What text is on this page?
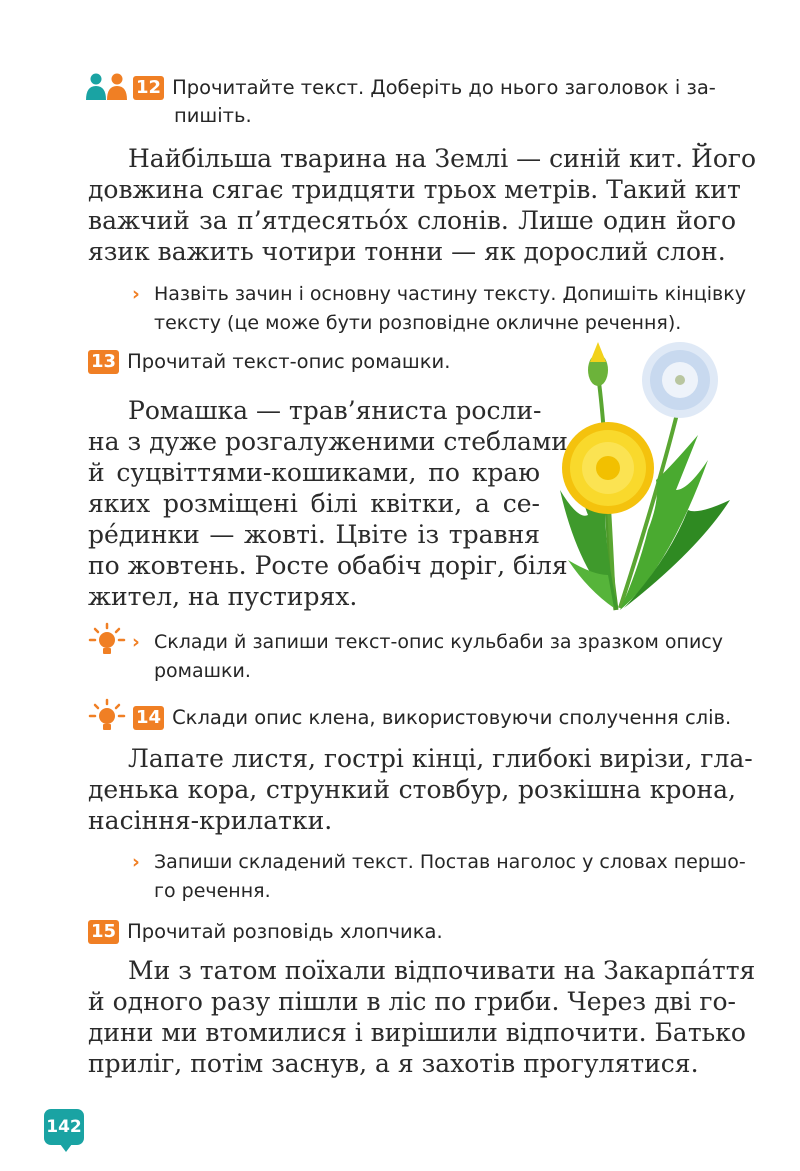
12 Прочитайте текст. Доберіть до нього заголовок і за-
пишіть.
Найбільша тварина на Землі — синій кит. Його
довжина сягає тридцяти трьох метрів. Такий кит
важчий за п’ятдесятьо́х слонів. Лише один його
язик важить чотири тонни — як дорослий слон.
› Назвіть зачин і основну частину тексту. Допишіть кінцівку
тексту (це може бути розповідне окличне речення).
13 Прочитай текст-опис ромашки.
Ромашка — трав’яниста росли-
на з дуже розгалуженими стеблами
й суцвіттями-кошиками, по краю
яких розміщені білі квітки, а се-
ре́динки — жовті. Цвіте із травня
по жовтень. Росте обабіч доріг, біля
жител, на пустирях.
› Склади й запиши текст-опис кульбаби за зразком опису
ромашки.
14 Склади опис клена, використовуючи сполучення слів.
Лапате листя, гострі кінці, глибокі вирізи, гла-
денька кора, стрункий стовбур, розкішна крона,
насіння-крилатки.
› Запиши складений текст. Постав наголос у словах першо-
го речення.
15 Прочитай розповідь хлопчика.
Ми з татом поїхали відпочивати на Закарпа́ття
й одного разу пішли в ліс по гриби. Через дві го-
дини ми втомилися і вирішили відпочити. Батько
приліг, потім заснув, а я захотів прогулятися.
142
